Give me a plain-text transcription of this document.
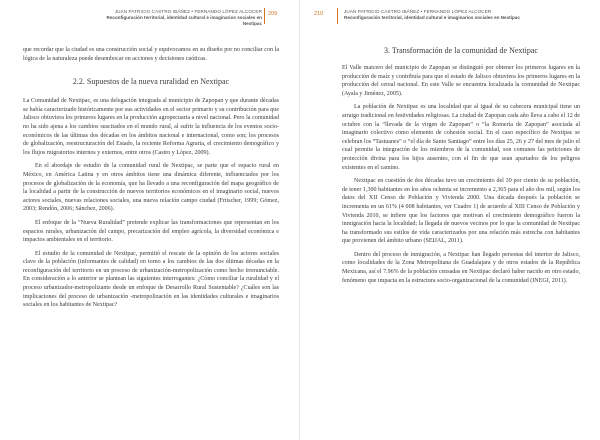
JUAN PATRICIO CASTRO IBÁÑEZ • FERNANDO LÓPEZ ALCOCER
Reconfiguración territorial, identidad cultural e imaginarios sociales en Nextipac
209

que recordar que la ciudad es una construcción social y equivocamos en su diseño por no conciliar con la lógica de la naturaleza puede desembocar en acciones y decisiones caóticas.

2.2. Supuestos de la nueva ruralidad en Nextipac

La Comunidad de Nextipac, es una delegación integrada al municipio de Zapopan y que durante décadas se había caracterizado históricamente por sus actividades en el sector primario y su contribución para que Jalisco obtuviera los primeros lugares en la producción agropecuaria a nivel nacional. Pero la comunidad no ha sido ajena a los cambios suscitados en el mundo rural, al sufrir la influencia de los eventos socio-económicos de las últimas dos décadas en los ámbitos nacional e internacional, como son; los procesos de globalización, reestructuración del Estado, la reciente Reforma Agraria, el crecimiento demográfico y los flujos migratorios internos y externos, entre otros (Castro y López, 2009).

En el abordaje de estudio de la comunidad rural de Nextipac, se parte que el espacio rural en México, en América Latina y en otros ámbitos tiene una dinámica diferente, influenciados por los procesos de globalización de la economía, que ha llevado a una reconfiguración del mapa geográfico de la localidad a partir de la construcción de nuevos territorios económicos en el imaginario social, nuevos actores sociales, nuevas relaciones sociales, una nueva relación campo ciudad (Fritscher, 1999; Gómez, 2003; Rendón, 2006; Sánchez, 2006).

El enfoque de la “Nueva Ruralidad” pretende explicar las transformaciones que representan en los espacios rurales, urbanización del campo, precarización del empleo agrícola, la diversidad económica e impactos ambientales en el territorio.

El estudio de la comunidad de Nextipac, permitió el rescate de la opinión de los actores sociales clave de la población (informantes de calidad) en torno a los cambios de las dos últimas décadas en la reconfiguración del territorio en un proceso de urbanización-metropolización como hecho irrenunciable. En consideración a lo anterior se plantean las siguientes interrogantes: ¿Cómo conciliar la ruralidad y el proceso urbanizador-metropolizante desde un enfoque de Desarrollo Rural Sustentable? ¿Cuáles son las implicaciones del proceso de urbanización -metropolización en las identidades culturales e imaginarios sociales en los habitantes de Nextipac?

210	JUAN PATRICIO CASTRO IBÁÑEZ • FERNANDO LÓPEZ ALCOCER
Reconfiguración territorial, identidad cultural e imaginarios sociales en Nextipac
3. Transformación de la comunidad de Nextipac

El Valle maicero del municipio de Zapopan se distinguió por obtener los primeros lugares en la producción de maíz y contribuía para que el estado de Jalisco obtuviera los primeros lugares en la producción del cereal nacional. En este Valle se encuentra localizada la comunidad de Nextipac (Ayala y Jiménez, 2005).

La población de Nextipac es una localidad que al igual de su cabecera municipal tiene un arraigo tradicional en festividades religiosas. La ciudad de Zapopan cada año lleva a cabo el 12 de octubre con la “llevada de la virgen de Zapopan” o “la Romería de Zapopan” asociada al imaginario colectivo como elemento de cohesión social. En el caso específico de Nextipac se celebran los “Tastuanes” o “el día de Santo Santiago” entre los días 25, 26 y 27 del mes de julio el cual permite la integración de los miembros de la comunidad, son comunes las peticiones de protección divina para los hijos ausentes, con el fin de que sean apartados de los peligros existentes en el camino.

Nextipac en cuestión de dos décadas tuvo un crecimiento del 39 por ciento de su población, de tener 1,300 habitantes en los años ochenta se incremento a 2,365 para el año dos mil, según los datos del XII Censo de Población y Vivienda 2000. Una década después la población se incrementa en un 61% (4 008 habitantes, ver Cuadro 1) de acuerdo al XIII Censo de Población y Vivienda 2010, se infiere que los factores que motivan el crecimiento demográfico fueron la inmigración hacia la localidad; la llegada de nuevos vecinos por lo que la comunidad de Nextipac ha transformado sus estilos de vida caracterizados por una relación más estrecha con habitantes que provienen del ámbito urbano (SEIJAL, 2011).

Dentro del proceso de inmigración, a Nextipac han llegado personas del interior de Jalisco, como localidades de la Zona Metropolitana de Guadalajara y de otros estados de la República Mexicana, así el 7.96% de la población censadas en Nextipac declaró haber nacido en otro estado, fenómeno que impacta en la estructura socio-organizacional de la comunidad (INEGI, 2011).
